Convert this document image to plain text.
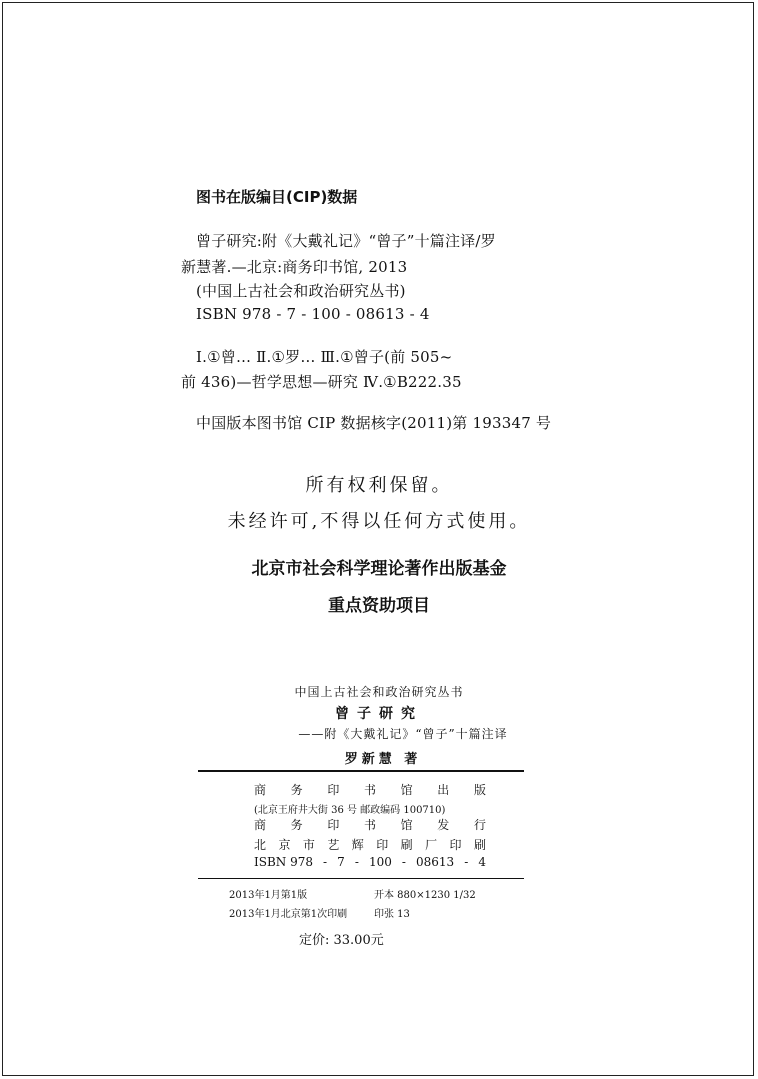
图书在版编目(CIP)数据
曾子研究:附《大戴礼记》“曾子”十篇注译/罗
新慧著.—北京:商务印书馆, 2013
(中国上古社会和政治研究丛书)
ISBN 978 - 7 - 100 - 08613 - 4
Ⅰ.①曾… Ⅱ.①罗… Ⅲ.①曾子(前 505~
前 436)—哲学思想—研究 Ⅳ.①B222.35
中国版本图书馆 CIP 数据核字(2011)第 193347 号
所有权利保留。
未经许可,不得以任何方式使用。
北京市社会科学理论著作出版基金
重点资助项目
中国上古社会和政治研究丛书
曾子研究
——附《大戴礼记》“曾子”十篇注译
罗新慧 著
商 务 印 书 馆 出 版
(北京王府井大街 36 号 邮政编码 100710)
商 务 印 书 馆 发 行
北 京 市 艺 辉 印 刷 厂 印 刷
ISBN 978 - 7 - 100 - 08613 - 4
2013年1月第1版	开本 880×1230 1/32
2013年1月北京第1次印刷	印张 13
定价: 33.00元
